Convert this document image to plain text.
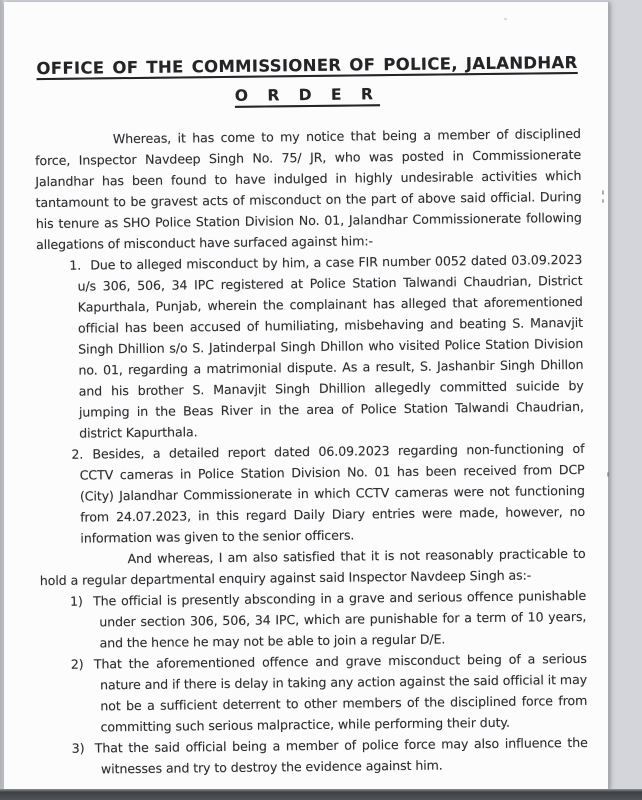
OFFICE OF THE COMMISSIONER OF POLICE, JALANDHAR
O R D E R

Whereas, it has come to my notice that being a member of disciplined force, Inspector Navdeep Singh No. 75/ JR, who was posted in Commissionerate Jalandhar has been found to have indulged in highly undesirable activities which tantamount to be gravest acts of misconduct on the part of above said official. During his tenure as SHO Police Station Division No. 01, Jalandhar Commissionerate following allegations of misconduct have surfaced against him:-

1. Due to alleged misconduct by him, a case FIR number 0052 dated 03.09.2023 u/s 306, 506, 34 IPC registered at Police Station Talwandi Chaudrian, District Kapurthala, Punjab, wherein the complainant has alleged that aforementioned official has been accused of humiliating, misbehaving and beating S. Manavjit Singh Dhillion s/o S. Jatinderpal Singh Dhillon who visited Police Station Division no. 01, regarding a matrimonial dispute. As a result, S. Jashanbir Singh Dhillon and his brother S. Manavjit Singh Dhillion allegedly committed suicide by jumping in the Beas River in the area of Police Station Talwandi Chaudrian, district Kapurthala.
2. Besides, a detailed report dated 06.09.2023 regarding non-functioning of CCTV cameras in Police Station Division No. 01 has been received from DCP (City) Jalandhar Commissionerate in which CCTV cameras were not functioning from 24.07.2023, in this regard Daily Diary entries were made, however, no information was given to the senior officers.

And whereas, I am also satisfied that it is not reasonably practicable to hold a regular departmental enquiry against said Inspector Navdeep Singh as:-

1) The official is presently absconding in a grave and serious offence punishable under section 306, 506, 34 IPC, which are punishable for a term of 10 years, and the hence he may not be able to join a regular D/E.
2) That the aforementioned offence and grave misconduct being of a serious nature and if there is delay in taking any action against the said official it may not be a sufficient deterrent to other members of the disciplined force from committing such serious malpractice, while performing their duty.
3) That the said official being a member of police force may also influence the witnesses and try to destroy the evidence against him.
